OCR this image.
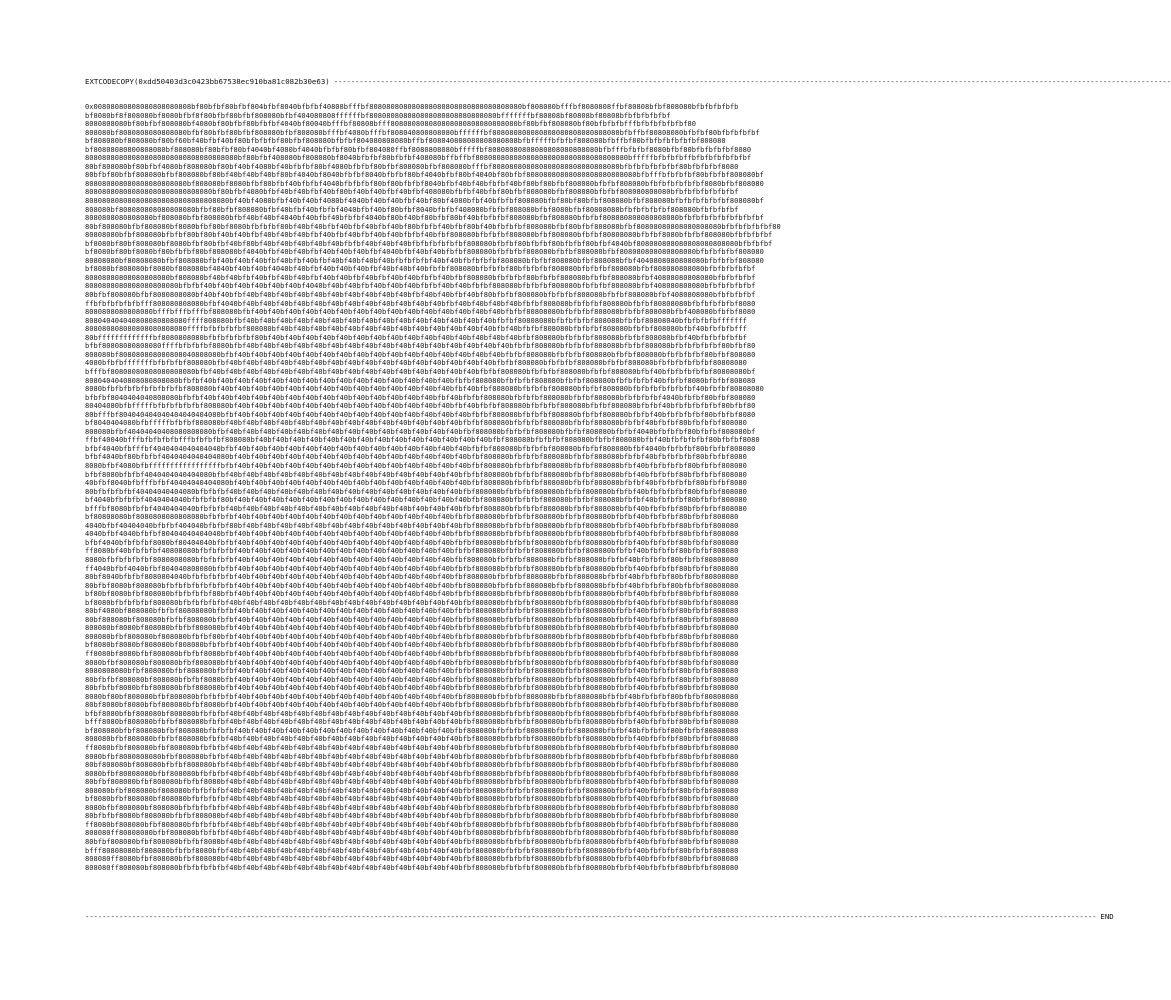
EXTCODECOPY(0xdd50403d3c0423bb67538ec910ba81c082b30e63) -----------------------------------------------------------------------------------------------------------------------------------------------------------------------------------------------------
0x00808080808080808080808bf80bfbf80bfbf804bfbf8040bfbfbf40808bfffbf808080808080808080808080808080808080bf808080bfffbf8080808ffbf80808bfbf808080bfbfbfbfbfb
bf8080bf8f808080bf8080bfbf8f80bfbf80bfbf808080bfbf404080808ffffffbf808080808080808080808080808080bfffffffbf80808bf80808bf80808bfbfbfbfbfbf
8080808080bf80bfbf808080bf4080bf80bfbf80bfbfbf4040bf80040bfffbf80808bfff808080808080808080808080808080bf80bfbf808080bf80bfbfbfbfffbfbfbfbfbfbf80
808080bf8080808080808080bfbf80bfbf80bfbf808080bfbf808080bfffbf4080bfffbf808040800808080bffffffbf808080808080808080808080808080bfbffbf80808080bfbfbf80bfbfbfbfbf
bf808080bf808080bf80bf60bf40bfbf40bf80bfbfbfbf80bfbf808080bfbfbf804080808080bffbf808040808080808080808bfbfffffbfbfbf808080bfbffbf80bfbfbfbfbfbfbf808080
bf80808080800808080bf808080bf80bfbf80bf4040bf4080bf4040bfbfbf80bfbf804080ffbf8080808080bfffffbf80808080808080808080808080bfbfffbfbfbf8080bfbf80bfbfbfbfbf8080
808080808080808080808080808080808080bf80bfbf408080bf808080bf8040bfbfbf80bfbfbf408080bffbffbf808080808080808080808080808080808080bfffffbfbfbfbffbfbfbfbfbfbfbf
80bf808080bf80bfbf4080bf808080bf80bf40bf4080bf40bfbfbf80bf4080bfbfbf80bfbf808080bfbf808080bfffbf808080808080808080808080808080bfbfbfbfbfbfbf80bfbfbfbf8080
80bfbf80bfbf808080bfbf808080bf80bf40bf40bf40bf80bf4040bf8040bfbfbf8040bfbfbf80bf4040bfbf80bf4040bf80bfbf80808080808080808080808080bfbfffbfbfbfbf80bfbfbf808080bf
808080808080808080808080bf808080bf8080bfbf80bfbf40bfbfbf4040bfbfbfbf80bf80bfbfbf8040bfbf40bf40bfbfbf40bf80bf80bfbf808080bfbfbf808080bfbfbfbfbfbfbf8080bfbf808080
808080808080808080808080808080bf80bfbf4080bfbf40bf40bfbf40bf80bf40bf40bfbf40bfbf408080bfbfbf40bfbf80bfbf808080bfbf808080bfbfbf808080808080bfbfbfbfbfbfbfbf
8080808080808080808080808080808080bf40bf4080bfbf40bf40bf4080bf4040bf40bf40bfbf40bf80bf4080bfbf40bfbfbf808080bfbf80bf80bfbf808080bfbf808080bfbfbfbfbfbfbf808080bf
808080bf808080808080808080bfbf80bfbf808080bfbf40bfbf40bfbfbf4040bfbf40bf80bfbf8040bfbfbf408080bfbfbf808080bfbf8080bfbf80808080bfbfbfbfbfbf808080bfbfbfbfbf
8080808080808080bf808080bfbf808080bfbf40bf40bf4040bf40bfbf40bfbfbf4040bf80bf40bf80bfbf80bf40bfbfbfbf808080bfbf808080bfbfbf808080808080808080bfbfbfbfbfbfbfbfbfbf
80bf808080bfbf808080bf8080bfbf80bf8080bfbfbfbf80bf40bf40bfbf40bfbf40bfbf40bf80bfbfbf40bfbf80bf40bfbfbfbf808080bfbf80bfbf808080bfbf80808080808080808080bfbfbfbfbfbf80
80808080bfbf808080bfbfbf80bf80bf40bf40bfbf40bf40bf40bfbf40bfbf40bfbf40bf40bfbfbf40bfbf808080bfbfbfbf808080bfbf808080bfbfbf80808080bfbfbf8080bfbfbf808080bfbfbfbfbf
bf8080bf80bf808080bf8080bfbf80bfbf40bf80bf40bf40bf40bf40bf40bfbfbf40bf40bf40bfbfbfbfbfbfbf808080bfbfbf80bfbfbf80bfbfbf80bfbf4040bf808080808080808080808080bfbfbfbf
bf8080bf80bf8080bf80bfbfbf80bf808080bf4040bfbf40bf40bfbf40bf40bf40bfbf4040bfbf40bf40bfbfbf808080bfbfbfbf808080bfbfbf808080bfbf808080808080808080bfbfbfbfbf808080
80808080bf80808080bfbf808080bfbf40bf40bf40bfbf40bfbf40bfbf40bf40bf40bf40bfbfbfbfbf40bf40bfbfbfbfbf808080bfbfbf808080bfbf808080bfbf4040808080808080bfbfbfbf808080
bf8080bf808080bf8080bf808080bf4040bf40bf40bf4040bf40bfbf40bf40bf40bfbf40bf40bf40bfbfbf808080bfbfbfbf80bfbfbfbf808080bfbfbfbf808080bfbf808080808080bfbfbfbfbfbf
80808080808080808080bf808080bf40bf40bfbf40bfbf40bf40bfbf40bf40bfbf40bfbf40bf40bfbfbf40bfbf808080bfbfbfbf80bfbfbf808080bfbfbf808080bfbf40808080808080bfbfbfbfbf
8080808080808080808080bfbfbf40bf40bf40bf40bf40bf40bf4040bf40bf40bfbf40bf40bf40bfbfbf40bf40bfbfbf808080bfbfbfbf808080bfbfbfbf808080bfbf408080808080bfbfbfbfbfbf
80bfbf808080bfbf8080808080bf40bf40bfbf40bf40bf40bf40bf40bf40bf40bf40bf40bf40bfbf40bf40bfbf40bf80bfbfbf808080bfbfbfbf808080bfbfbf808080bfbf4080808080bfbfbfbfbf
ffbfbfbfbfbfbfff808080808080bfbf4040bf40bf40bf40bf40bf40bf40bf40bf40bf40bf40bf40bf40bfbf40bf40bf40bf40bfbfbf808080bfbfbfbf808080bfbfbf80808080bfbfbfbfbfbf8080
8080808080808080bfffbfffbfffbf808080bfbf40bf40bf40bf40bf40bf40bf40bf40bf40bf40bf40bf40bf40bf40bf40bfbfbf80808080bfbfbfbf808080bfbfbf808080bfbf408080bfbfbf8080
808040404040808080808080ffff808080bfbf40bf40bf40bf40bf40bf40bf40bf40bf40bf40bf40bf40bf40bf40bf40bfbfbf80808080bfbfbfbfbf808080bfbfbf80808040bfbfbfbfbfffffff
808080808080808080808080ffffbfbfbfbfbf808080bf40bf40bf40bf40bf40bf40bf40bf40bf40bf40bf40bf40bf40bfbf40bfbfbf808080bfbfbfbf808080bfbfbf808080bfbf40bfbfbfbfff
80bfffffffffffffbf8080808080bfbfbfbfbfbf80bf40bf40bf40bf40bf40bf40bf40bf40bf40bf40bf40bf40bf40bf40bf40bfbf808080bfbfbfbf808080bfbfbf808080bfbf40bfbfbfbfbfbf
bfbf80808080808080ffffbfbfbfbf8080bfbf40bf40bf40bf40bf40bf40bf40bf40bf40bf40bf40bf40bf40bf40bf40bf40bfbfbf808080bfbfbfbf808080bfbfbf808080bfbfbfbfbfbf80bfbf80
808080bf808080808080808040808080bfbf40bf40bf40bf40bf40bf40bf40bf40bf40bf40bf40bf40bf40bf40bf40bf40bfbfbf808080bfbfbfbf808080bfbfbf808080bfbfbfbfbf80bfbf808080
4080bfbfbfffffffbfbfbfbf808080bfbf40bf40bf40bf40bf40bf40bf40bf40bf40bf40bf40bf40bf40bf40bf40bf40bfbfbf808080bfbfbfbf808080bfbfbf808080bfbfbfbfbfbfbf80808080
bfffbf80808080808080808080bfbf40bf40bf40bf40bf40bf40bf40bf40bf40bf40bf40bf40bf40bf40bf40bf40bfbfbf808080bfbfbfbf808080bfbfbf808080bfbf40bfbfbfbfbfbf80808080bf
8080404040808080808080bfbfbf40bf40bf40bf40bf40bf40bf40bf40bf40bf40bf40bf40bf40bf40bf40bfbfbf808080bfbfbfbf808080bfbfbf808080bfbfbfbfbf40bfbfbf8080bfbfbf808080
8080bfbfbfbfbfbfbfbfbfbf808080bf40bf40bf40bf40bf40bf40bf40bf40bf40bf40bf40bf40bf40bf40bfbf40bfbf808080bfbfbfbf808080bfbfbf808080bfbfbfbfbfbfbfbf40bfbfbf80808080
bfbfbf8040404040808080bfbfbf40bf40bf40bf40bf40bf40bf40bf40bf40bf40bf40bf40bf40bf40bfbf40bfbfbf808080bfbfbfbf808080bfbfbf808080bfbfbfbfbf4040bfbfbf80bfbf808080
80404080bfbfffffbfbfbfbfbfbf808080bf40bf40bf40bf40bf40bf40bf40bf40bf40bf40bf40bf40bf40bfbf40bfbfbf808080bfbfbfbf808080bfbfbf808080bfbfbf40bfbfbfbfbfbf80bfbf80
80bfffbf804040404040404040404080bfbf40bf40bf40bf40bf40bf40bf40bf40bf40bf40bf40bf40bf40bf40bfbfbf808080bfbfbfbf808080bfbfbf808080bfbfbf40bfbfbfbfbf80bfbfbf8080
bf8040404080bfbfffffbfbfbf808080bf40bf40bf40bf40bf40bf40bf40bf40bf40bf40bf40bf40bf40bf40bfbfbf808080bfbfbfbf808080bfbfbf808080bfbfbf40bfbfbf80bfbfbfbf808080
808080bfbf40404040408080808080bfbf40bf40bf40bf40bf40bf40bf40bf40bf40bf40bf40bf40bf40bf40bfbf808080bfbfbfbf808080bfbfbf808080bfbfbf4040bfbfbfbf80bfbfbf808080bf
ffbf40040bfffbfbfbfbfbfffbfbfbfbf808080bf40bf40bf40bf40bf40bf40bf40bf40bf40bf40bf40bf40bf40bf40bfbf808080bfbfbfbf808080bfbfbf808080bfbf40bfbfbfbfbf80bfbfbf8080
bfbf4040bfbfffbf4040404040404040bfbf40bf40bf40bf40bf40bf40bf40bf40bf40bf40bf40bf40bf40bf40bfbfbf808080bfbfbfbf808080bfbfbf808080bfbf4040bfbfbfbf80bfbfbf808080
bfbf4040bf80bfbfbf4040404040404080bf40bf40bf40bf40bf40bf40bf40bf40bf40bf40bf40bf40bf40bf40bfbf808080bfbfbfbf808080bfbfbf808080bfbfbf40bfbfbfbfbf80bfbfbf8080
8080bfbf4080bfbfffffffffffffffffbfbf40bf40bf40bf40bf40bf40bf40bf40bf40bf40bf40bf40bf40bf40bfbf808080bfbfbfbf808080bfbfbf808080bfbf40bfbfbfbfbf80bfbfbf808080
bfbf8080bfbfbf4040404040404080bfbf40bf40bf40bf40bf40bf40bf40bf40bf40bf40bf40bf40bf40bf40bfbfbf808080bfbfbfbf808080bfbfbf808080bfbf40bfbfbfbf80bfbfbfbf808080
40bfbf8040bfbfffbfbf40404040404080bf40bf40bf40bf40bf40bf40bf40bf40bf40bf40bf40bf40bf40bf40bfbf808080bfbfbfbf808080bfbfbf808080bfbfbf40bfbfbfbfbf80bfbfbf8080
80bfbfbfbfbf40404040404080bfbfbfbf40bf40bf40bf40bf40bf40bf40bf40bf40bf40bf40bf40bf40bf40bfbf808080bfbfbfbf808080bfbfbf808080bfbfbf40bfbfbfbfbf80bfbfbf808080
bf4040bfbfbfbf4040404040bfbfbfbf80bf40bf40bf40bf40bf40bf40bf40bf40bf40bf40bf40bf40bf40bf40bfbf808080bfbfbfbf808080bfbfbf808080bfbfbf40bfbfbfbf80bfbfbf808080
bfffbf8080bfbfbf4040404040bfbfbfbf40bf40bf40bf40bf40bf40bf40bf40bf40bf40bf40bf40bf40bf40bfbfbf808080bfbfbfbf808080bfbfbf808080bfbf40bfbfbfbf80bfbfbfbf808080
bf80808080bf8080808080808080bfbfbfbf40bf40bf40bf40bf40bf40bf40bf40bf40bf40bf40bf40bf40bfbfbf808080bfbfbfbf808080bfbfbf808080bfbfbf40bfbfbfbf80bfbfbf808080
4040bfbf40404040bfbfbf404040bfbfbf80bf40bf40bf40bf40bf40bf40bf40bf40bf40bf40bf40bf40bf40bfbf808080bfbfbfbf808080bfbfbf808080bfbfbf40bfbfbfbf80bfbfbf808080
4040bfbf4040bfbfbf80404040404040bfbf40bf40bf40bf40bf40bf40bf40bf40bf40bf40bf40bf40bf40bfbfbf808080bfbfbfbf808080bfbfbf808080bfbfbf40bfbfbfbf80bfbfbf808080
bfbf4040bfbfbfbf8080bf80404040bfbfbf40bf40bf40bf40bf40bf40bf40bf40bf40bf40bf40bf40bf40bfbfbf808080bfbfbfbf808080bfbfbf808080bfbfbf40bfbfbfbf80bfbfbf808080
ff8080bf40bfbfbfbf40808080bfbfbfbfbf40bf40bf40bf40bf40bf40bf40bf40bf40bf40bf40bf40bf40bfbfbf808080bfbfbfbf808080bfbfbf808080bfbfbf40bfbfbfbf80bfbfbf808080
8080bfbfbfbfbfbf8080808080bfbfbfbfbf40bf40bf40bf40bf40bf40bf40bf40bf40bf40bf40bf40bf40bfbf808080bfbfbfbf808080bfbfbf808080bfbfbf40bfbfbfbf80bfbfbf80808080
ff4040bfbf4040bfbf804040808080bfbfbf40bf40bf40bf40bf40bf40bf40bf40bf40bf40bf40bf40bf40bfbfbf808080bfbfbfbf808080bfbfbf808080bfbfbf40bfbfbfbf80bfbfbf808080
80bf8040bfbfbf8080804040bfbfbfbfbfbf40bf40bf40bf40bf40bf40bf40bf40bf40bf40bf40bf40bf40bfbf808080bfbfbfbf808080bfbfbf808080bfbfbf40bfbfbfbf80bfbfbf80808080
80bfbf8080bf808080bfbfbfbfbfbfbfbfbf40bf40bf40bf40bf40bf40bf40bf40bf40bf40bf40bf40bf40bfbf808080bfbfbfbf808080bfbfbf808080bfbfbf40bfbfbfbf80bfbfbf80808080
bf80bf8080bfbf808080bfbfbfbfbf80bfbf40bf40bf40bf40bf40bf40bf40bf40bf40bf40bf40bf40bf40bfbfbf808080bfbfbfbf808080bfbfbf808080bfbfbf40bfbfbfbf80bfbfbf808080
bf8080bfbfbfbfbf808080bfbfbfbfbfbf40bf40bf40bf40bf40bf40bf40bf40bf40bf40bf40bf40bf40bf40bfbf808080bfbfbfbf808080bfbfbf808080bfbfbf40bfbfbfbf80bfbfbf808080
80bf4080bf808080bfbfbf80808080bfbfbf40bf40bf40bf40bf40bf40bf40bf40bf40bf40bf40bf40bf40bfbfbf808080bfbfbfbf808080bfbfbf808080bfbfbf40bfbfbfbf80bfbfbf808080
80bf808080bf808080bfbfbf808080bfbfbf40bf40bf40bf40bf40bf40bf40bf40bf40bf40bf40bf40bf40bfbfbf808080bfbfbfbf808080bfbfbf808080bfbfbf40bfbfbfbf80bfbfbf808080
808080bf8080bf808080bfbfbf808080bfbf40bf40bf40bf40bf40bf40bf40bf40bf40bf40bf40bf40bf40bfbfbf808080bfbfbfbf808080bfbfbf808080bfbfbf40bfbfbfbf80bfbfbf808080
808080bfbf808080bf808080bfbfbf80bfbf40bf40bf40bf40bf40bf40bf40bf40bf40bf40bf40bf40bf40bfbfbf808080bfbfbfbf808080bfbfbf808080bfbfbf40bfbfbfbf80bfbfbf808080
bf8080bf8080bf808080bf808080bfbfbfbf40bf40bf40bf40bf40bf40bf40bf40bf40bf40bf40bf40bf40bfbfbf808080bfbfbfbf808080bfbfbf808080bfbfbf40bfbfbfbf80bfbfbf808080
ff8080bf8080bfbf808080bfbfbf8080bfbf40bf40bf40bf40bf40bf40bf40bf40bf40bf40bf40bf40bf40bfbfbf808080bfbfbfbf808080bfbfbf808080bfbfbf40bfbfbfbf80bfbfbf808080
8080bfbf808080bf808080bfbf808080bfbf40bf40bf40bf40bf40bf40bf40bf40bf40bf40bf40bf40bf40bfbfbf808080bfbfbfbf808080bfbfbf808080bfbfbf40bfbfbfbf80bfbfbf808080
8080808080bfbf808080bfbf808080bfbfbf40bf40bf40bf40bf40bf40bf40bf40bf40bf40bf40bf40bf40bfbfbf808080bfbfbfbf808080bfbfbf808080bfbfbf40bfbfbfbf80bfbfbf808080
80bfbfbf808080bf808080bfbfbf8080bfbf40bf40bf40bf40bf40bf40bf40bf40bf40bf40bf40bf40bf40bfbfbf808080bfbfbfbf808080bfbfbf808080bfbfbf40bfbfbfbf80bfbfbf808080
80bfbfbf8080bfbf808080bfbf808080bfbf40bf40bf40bf40bf40bf40bf40bf40bf40bf40bf40bf40bf40bfbfbf808080bfbfbfbf808080bfbfbf808080bfbfbf40bfbfbfbf80bfbfbf808080
8080bf80bf808080bfbf808080bfbfbfbfbf40bf40bf40bf40bf40bf40bf40bf40bf40bf40bf40bf40bf40bfbf808080bfbfbfbf808080bfbfbf808080bfbfbf40bfbfbfbf80bfbfbf80808080
80bf8080bf8080bfbf808080bfbf8080bfbf40bf40bf40bf40bf40bf40bf40bf40bf40bf40bf40bf40bf40bfbfbf808080bfbfbfbf808080bfbfbf808080bfbfbf40bfbfbfbf80bfbfbf808080
bfbf8080bfbf808080bf808080bfbfbfbf40bf40bf40bf40bf40bf40bf40bf40bf40bf40bf40bf40bf40bf40bfbf808080bfbfbfbf808080bfbfbf808080bfbfbf40bfbfbfbf80bfbfbf808080
bfff8080bf808080bfbfbf808080bfbfbf40bf40bf40bf40bf40bf40bf40bf40bf40bf40bf40bf40bf40bf40bfbf808080bfbfbfbf808080bfbfbf808080bfbfbf40bfbfbfbf80bfbfbf808080
bf808080bfbf808080bfbf808080bfbfbfbf40bf40bf40bf40bf40bf40bf40bf40bf40bf40bf40bf40bf40bfbf808080bfbfbfbf808080bfbfbf808080bfbfbf40bfbfbfbf80bfbfbf80808080
808080bfbf808080bfbfbf808080bfbfbf40bf40bf40bf40bf40bf40bf40bf40bf40bf40bf40bf40bf40bf40bfbf808080bfbfbfbf808080bfbfbf808080bfbfbf40bfbfbfbf80bfbfbf808080
ff8080bfbf808080bfbf808080bfbfbfbf40bf40bf40bf40bf40bf40bf40bf40bf40bf40bf40bf40bf40bf40bfbf808080bfbfbfbf808080bfbfbf808080bfbfbf40bfbfbfbf80bfbfbf808080
8080bfbf8080808080bfbf808080bfbfbf40bf40bf40bf40bf40bf40bf40bf40bf40bf40bf40bf40bf40bf40bfbf808080bfbfbfbf808080bfbfbf808080bfbfbf40bfbfbfbf80bfbfbf808080
80bf808080bf808080bfbfbf808080bfbf40bf40bf40bf40bf40bf40bf40bf40bf40bf40bf40bf40bf40bf40bfbf808080bfbfbfbf808080bfbfbf808080bfbfbf40bfbfbfbf80bfbfbf808080
8080bfbf80808080bfbf808080bfbfbfbf40bf40bf40bf40bf40bf40bf40bf40bf40bf40bf40bf40bf40bf40bfbf808080bfbfbfbf808080bfbfbf808080bfbfbf40bfbfbfbf80bfbfbf808080
80bfbf808080bfbf808080bfbfbf8080bf40bf40bf40bf40bf40bf40bf40bf40bf40bf40bf40bf40bf40bf40bfbf808080bfbfbfbf808080bfbfbf808080bfbfbf40bfbfbfbf80bfbfbf808080
808080bfbf808080bf808080bfbfbfbfbf40bf40bf40bf40bf40bf40bf40bf40bf40bf40bf40bf40bf40bf40bfbf808080bfbfbfbf808080bfbfbf808080bfbfbf40bfbfbfbf80bfbfbf808080
bf8080bfbf808080bf808080bfbfbfbfbf40bf40bf40bf40bf40bf40bf40bf40bf40bf40bf40bf40bf40bf40bfbf808080bfbfbfbf808080bfbfbf808080bfbfbf40bfbfbfbf80bfbfbf808080
8080bfbf808080bf808080bfbfbfbfbfbf40bf40bf40bf40bf40bf40bf40bf40bf40bf40bf40bf40bf40bf40bfbf808080bfbfbfbf808080bfbfbf808080bfbfbf40bfbfbfbf80bfbfbf808080
80bfbfbf8080bf808080bfbfbf808080bf40bf40bf40bf40bf40bf40bf40bf40bf40bf40bf40bf40bf40bf40bfbf808080bfbfbfbf808080bfbfbf808080bfbfbf40bfbfbfbf80bfbfbf808080
ff8080bf808080bfbf808080bfbfbfbfbf40bf40bf40bf40bf40bf40bf40bf40bf40bf40bf40bf40bf40bf40bfbf808080bfbfbfbf808080bfbfbf808080bfbfbf40bfbfbfbf80bfbfbf808080
808080ff80808080bfbf808080bfbfbfbf40bf40bf40bf40bf40bf40bf40bf40bf40bf40bf40bf40bf40bf40bfbf808080bfbfbfbf808080bfbfbf808080bfbfbf40bfbfbfbf80bfbfbf808080
80bfbf808080bfbf808080bfbfbf8080bf40bf40bf40bf40bf40bf40bf40bf40bf40bf40bf40bf40bf40bf40bfbf808080bfbfbfbf808080bfbfbf808080bfbfbf40bfbfbfbf80bfbfbf808080
bfff80808080bf808080bfbfbf8080bfbf40bf40bf40bf40bf40bf40bf40bf40bf40bf40bf40bf40bf40bf40bfbf808080bfbfbfbf808080bfbfbf808080bfbfbf40bfbfbfbf80bfbfbf808080
808080ff8080bfbf808080bfbf808080bf40bf40bf40bf40bf40bf40bf40bf40bf40bf40bf40bf40bf40bf40bfbf808080bfbfbfbf808080bfbfbf808080bfbfbf40bfbfbfbf80bfbfbf808080
808080ff808080bf808080bfbfbfbfbfbf40bf40bf40bf40bf40bf40bf40bf40bf40bf40bf40bf40bf40bf40bfbf808080bfbfbfbf808080bfbfbf808080bfbfbf40bfbfbfbf80bfbfbf808080
---------------------------------------------------------------------------------------------------------------------------------------------------------------------------------------------------------------------------------------------- END
